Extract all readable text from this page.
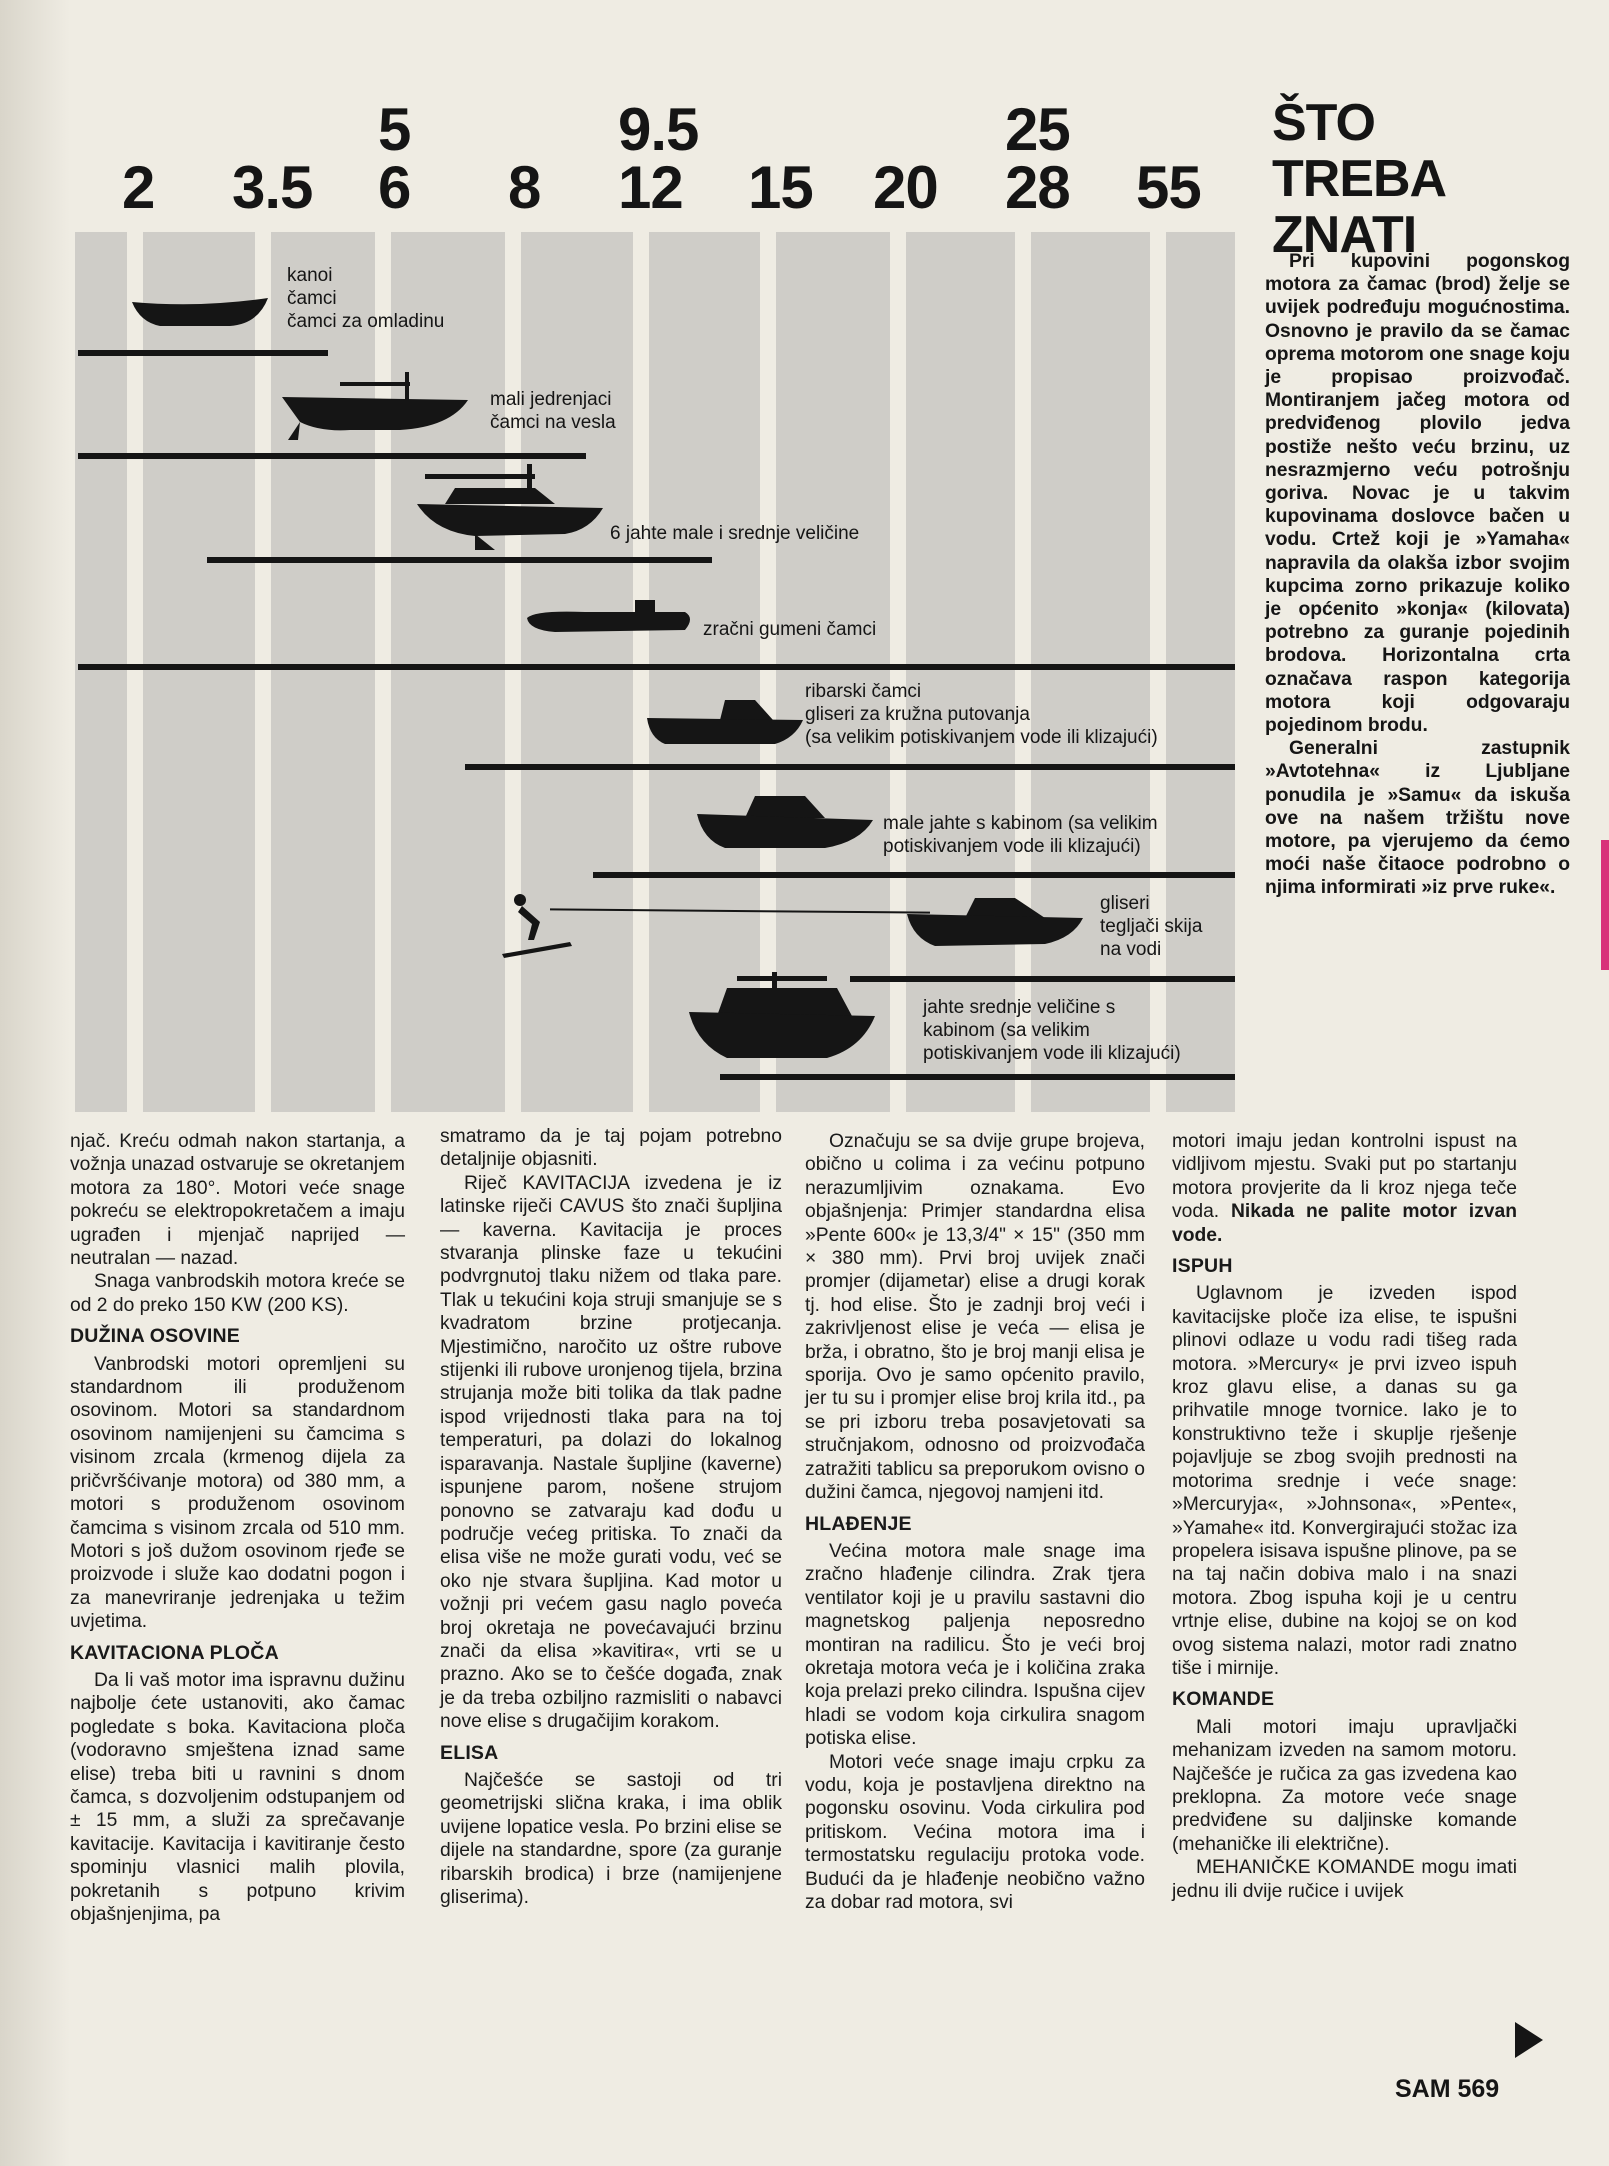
2 3.5
5
6 8
9.5
12 15 20
25
28 55
kanoi
čamci
čamci za omladinu
mali jedrenjaci
čamci na vesla
6 jahte male i srednje veličine
zračni gumeni čamci
ribarski čamci
gliseri za kružna putovanja
(sa velikim potiskivanjem vode ili klizajući)
male jahte s kabinom (sa velikim
potiskivanjem vode ili klizajući)
gliseri
tegljači skija
na vodi
jahte srednje veličine s
kabinom (sa velikim
potiskivanjem vode ili klizajući)
ŠTO
TREBA
ZNATI

Pri kupovini pogonskog motora za čamac (brod) želje se uvijek podređuju mogućnostima. Osnovno je pravilo da se čamac oprema motorom one snage koju je propisao proizvođač. Montiranjem jačeg motora od predviđenog plovilo jedva postiže nešto veću brzinu, uz nesrazmjerno veću potrošnju goriva. Novac je u takvim kupovinama doslovce bačen u vodu. Crtež koji je »Yamaha« napravila da olakša izbor svojim kupcima zorno prikazuje koliko je općenito »konja« (kilovata) potrebno za guranje pojedinih brodova. Horizontalna crta označava raspon kategorija motora koji odgovaraju pojedinom brodu.

Generalni zastupnik »Avtotehna« iz Ljubljane ponudila je »Samu« da iskuša ove na našem tržištu nove motore, pa vjerujemo da ćemo moći naše čitaoce podrobno o njima informirati »iz prve ruke«.

njač. Kreću odmah nakon startanja, a vožnja unazad ostvaruje se okretanjem motora za 180°. Motori veće snage pokreću se elektropokretačem a imaju ugrađen i mjenjač naprijed — neutralan — nazad.

Snaga vanbrodskih motora kreće se od 2 do preko 150 KW (200 KS).

DUŽINA OSOVINE

Vanbrodski motori opremljeni su standardnom ili produženom osovinom. Motori sa standardnom osovinom namijenjeni su čamcima s visinom zrcala (krmenog dijela za pričvršćivanje motora) od 380 mm, a motori s produženom osovinom čamcima s visinom zrcala od 510 mm. Motori s još dužom osovinom rjeđe se proizvode i služe kao dodatni pogon i za manevriranje jedrenjaka u težim uvjetima.

KAVITACIONA PLOČA

Da li vaš motor ima ispravnu dužinu najbolje ćete ustanoviti, ako čamac pogledate s boka. Kavitaciona ploča (vodoravno smještena iznad same elise) treba biti u ravnini s dnom čamca, s dozvoljenim odstupanjem od ± 15 mm, a služi za sprečavanje kavitacije. Kavitacija i kavitiranje često spominju vlasnici malih plovila, pokretanih s potpuno krivim objašnjenjima, pa

smatramo da je taj pojam potrebno detaljnije objasniti.

Riječ KAVITACIJA izvedena je iz latinske riječi CAVUS što znači šupljina — kaverna. Kavitacija je proces stvaranja plinske faze u tekućini podvrgnutoj tlaku nižem od tlaka pare. Tlak u tekućini koja struji smanjuje se s kvadratom brzine protjecanja. Mjestimično, naročito uz oštre rubove stijenki ili rubove uronjenog tijela, brzina strujanja može biti tolika da tlak padne ispod vrijednosti tlaka para na toj temperaturi, pa dolazi do lokalnog isparavanja. Nastale šupljine (kaverne) ispunjene parom, nošene strujom ponovno se zatvaraju kad dođu u područje većeg pritiska. To znači da elisa više ne može gurati vodu, već se oko nje stvara šupljina. Kad motor u vožnji pri većem gasu naglo poveća broj okretaja ne povećavajući brzinu znači da elisa »kavitira«, vrti se u prazno. Ako se to češće događa, znak je da treba ozbiljno razmisliti o nabavci nove elise s drugačijim korakom.

ELISA

Najčešće se sastoji od tri geometrijski slična kraka, i ima oblik uvijene lopatice vesla. Po brzini elise se dijele na standardne, spore (za guranje ribarskih brodica) i brze (namijenjene gliserima).

Označuju se sa dvije grupe brojeva, obično u colima i za većinu potpuno nerazumljivim oznakama. Evo objašnjenja: Primjer standardna elisa »Pente 600« je 13,3/4" × 15" (350 mm × 380 mm). Prvi broj uvijek znači promjer (dijametar) elise a drugi korak tj. hod elise. Što je zadnji broj veći i zakrivljenost elise je veća — elisa je brža, i obratno, što je broj manji elisa je sporija. Ovo je samo općenito pravilo, jer tu su i promjer elise broj krila itd., pa se pri izboru treba posavjetovati sa stručnjakom, odnosno od proizvođača zatražiti tablicu sa preporukom ovisno o dužini čamca, njegovoj namjeni itd.

HLAĐENJE

Većina motora male snage ima zračno hlađenje cilindra. Zrak tjera ventilator koji je u pravilu sastavni dio magnetskog paljenja neposredno montiran na radilicu. Što je veći broj okretaja motora veća je i količina zraka koja prelazi preko cilindra. Ispušna cijev hladi se vodom koja cirkulira snagom potiska elise.

Motori veće snage imaju crpku za vodu, koja je postavljena direktno na pogonsku osovinu. Voda cirkulira pod pritiskom. Većina motora ima i termostatsku regulaciju protoka vode. Budući da je hlađenje neobično važno za dobar rad motora, svi

motori imaju jedan kontrolni ispust na vidljivom mjestu. Svaki put po startanju motora provjerite da li kroz njega teče voda. Nikada ne palite motor izvan vode.

ISPUH

Uglavnom je izveden ispod kavitacijske ploče iza elise, te ispušni plinovi odlaze u vodu radi tišeg rada motora. »Mercury« je prvi izveo ispuh kroz glavu elise, a danas su ga prihvatile mnoge tvornice. Iako je to konstruktivno teže i skuplje rješenje pojavljuje se zbog svojih prednosti na motorima srednje i veće snage: »Mercuryja«, »Johnsona«, »Pente«, »Yamahe« itd. Konvergirajući stožac iza propelera isisava ispušne plinove, pa se na taj način dobiva malo i na snazi motora. Zbog ispuha koji je u centru vrtnje elise, dubine na kojoj se on kod ovog sistema nalazi, motor radi znatno tiše i mirnije.

KOMANDE

Mali motori imaju upravljački mehanizam izveden na samom motoru. Najčešće je ručica za gas izvedena kao preklopna. Za motore veće snage predviđene su daljinske komande (mehaničke ili električne).

MEHANIČKE KOMANDE mogu imati jednu ili dvije ručice i uvijek

SAM 569
